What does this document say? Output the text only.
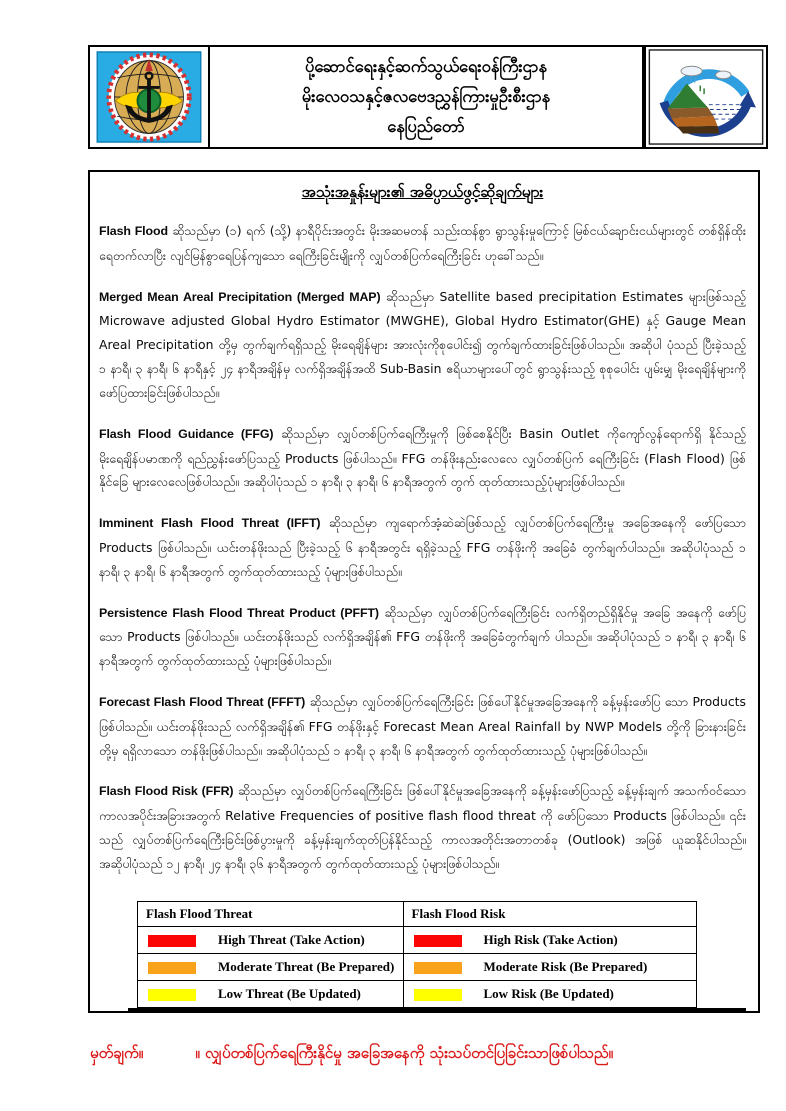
ပို့ဆောင်ရေးနှင့်ဆက်သွယ်ရေးဝန်ကြီးဌာန
မိုးလေဝသနှင့်ဇလဗေဒညွှန်ကြားမှုဦးစီးဌာန
နေပြည်တော်
အသုံးအနှုန်းများ၏ အဓိပ္ပာယ်ဖွင့်ဆိုချက်များ

Flash Flood ဆိုသည်မှာ (၁) ရက် (သို့) နာရီပိုင်းအတွင်း မိုးအဆမတန် သည်းထန်စွာ ရွာသွန်းမှုကြောင့် မြစ်ငယ်ချောင်းငယ်များတွင် တစ်ရှိန်ထိုးရေတက်လာပြီး လျင်မြန်စွာရေပြန်ကျသော ရေကြီးခြင်းမျိုးကို လျှပ်တစ်ပြက်ရေကြီးခြင်း ဟုခေါ်သည်။

Merged Mean Areal Precipitation (Merged MAP) ဆိုသည်မှာ Satellite based precipitation Estimates များဖြစ်သည့် Microwave adjusted Global Hydro Estimator (MWGHE), Global Hydro Estimator(GHE) နှင့် Gauge Mean Areal Precipitation တို့မှ တွက်ချက်ရရှိသည့် မိုးရေချိန်များ အားလုံးကိုစုပေါင်း၍ တွက်ချက်ထားခြင်းဖြစ်ပါသည်။ အဆိုပါ ပုံသည် ပြီးခဲ့သည့် ၁ နာရီ၊ ၃ နာရီ၊ ၆ နာရီနှင့် ၂၄ နာရီအချိန်မှ လက်ရှိအချိန်အထိ Sub-Basin ဧရိယာများပေါ်တွင် ရွာသွန်းသည့် စုစုပေါင်း ပျမ်းမျှ မိုးရေချိန်များကို ဖော်ပြထားခြင်းဖြစ်ပါသည်။

Flash Flood Guidance (FFG) ဆိုသည်မှာ လျှပ်တစ်ပြက်ရေကြီးမှုကို ဖြစ်စေနိုင်ပြီး Basin Outlet ကိုကျော်လွန်ရောက်ရှိ နိုင်သည့် မိုးရေချိန်ပမာဏကို ရည်ညွှန်းဖော်ပြသည့် Products ဖြစ်ပါသည်။ FFG တန်ဖိုးနည်းလေလေ လျှပ်တစ်ပြက် ရေကြီးခြင်း (Flash Flood) ဖြစ်နိုင်ခြေ များလေလေဖြစ်ပါသည်။ အဆိုပါပုံသည် ၁ နာရီ၊ ၃ နာရီ၊ ၆ နာရီအတွက် တွက် ထုတ်ထားသည့်ပုံများဖြစ်ပါသည်။

Imminent Flash Flood Threat (IFFT) ဆိုသည်မှာ ကျရောက်အံ့ဆဲဆဲဖြစ်သည့် လျှပ်တစ်ပြက်ရေကြီးမှု အခြေအနေကို ဖော်ပြသော Products ဖြစ်ပါသည်။ ယင်းတန်ဖိုးသည် ပြီးခဲ့သည့် ၆ နာရီအတွင်း ရရှိခဲ့သည့် FFG တန်ဖိုးကို အခြေခံ တွက်ချက်ပါသည်။ အဆိုပါပုံသည် ၁ နာရီ၊ ၃ နာရီ၊ ၆ နာရီအတွက် တွက်ထုတ်ထားသည့် ပုံများဖြစ်ပါသည်။

Persistence Flash Flood Threat Product (PFFT) ဆိုသည်မှာ လျှပ်တစ်ပြက်ရေကြီးခြင်း လက်ရှိတည်ရှိနိုင်မှု အခြေ အနေကို ဖော်ပြသော Products ဖြစ်ပါသည်။ ယင်းတန်ဖိုးသည် လက်ရှိအချိန်၏ FFG တန်ဖိုးကို အခြေခံတွက်ချက် ပါသည်။ အဆိုပါပုံသည် ၁ နာရီ၊ ၃ နာရီ၊ ၆ နာရီအတွက် တွက်ထုတ်ထားသည့် ပုံများဖြစ်ပါသည်။

Forecast Flash Flood Threat (FFFT) ဆိုသည်မှာ လျှပ်တစ်ပြက်ရေကြီးခြင်း ဖြစ်ပေါ်နိုင်မှုအခြေအနေကို ခန့်မှန်းဖော်ပြ သော Products ဖြစ်ပါသည်။ ယင်းတန်ဖိုးသည် လက်ရှိအချိန်၏ FFG တန်ဖိုးနှင့် Forecast Mean Areal Rainfall by NWP Models တို့ကို ခြားနားခြင်းတို့မှ ရရှိလာသော တန်ဖိုးဖြစ်ပါသည်။ အဆိုပါပုံသည် ၁ နာရီ၊ ၃ နာရီ၊ ၆ နာရီအတွက် တွက်ထုတ်ထားသည့် ပုံများဖြစ်ပါသည်။

Flash Flood Risk (FFR) ဆိုသည်မှာ လျှပ်တစ်ပြက်ရေကြီးခြင်း ဖြစ်ပေါ်နိုင်မှုအခြေအနေကို ခန့်မှန်းဖော်ပြသည့် ခန့်မှန်းချက် အသက်ဝင်သော ကာလအပိုင်းအခြားအတွက် Relative Frequencies of positive flash flood threat ကို ဖော်ပြသော Products ဖြစ်ပါသည်။ ၎င်းသည် လျှပ်တစ်ပြက်ရေကြီးခြင်းဖြစ်ပွားမှုကို ခန့်မှန်းချက်ထုတ်ပြန်နိုင်သည့် ကာလအတိုင်းအတာတစ်ခု (Outlook) အဖြစ် ယူဆနိုင်ပါသည်။ အဆိုပါပုံသည် ၁၂ နာရီ၊ ၂၄ နာရီ၊ ၃၆ နာရီအတွက် တွက်ထုတ်ထားသည့် ပုံများဖြစ်ပါသည်။

Flash Flood Threat	Flash Flood Risk
High Threat (Take Action)	High Risk (Take Action)
Moderate Threat (Be Prepared)	Moderate Risk (Be Prepared)
Low Threat (Be Updated)	Low Risk (Be Updated)
မှတ်ချက်။	။ လျှပ်တစ်ပြက်ရေကြီးနိုင်မှု အခြေအနေကို သုံးသပ်တင်ပြခြင်းသာဖြစ်ပါသည်။
